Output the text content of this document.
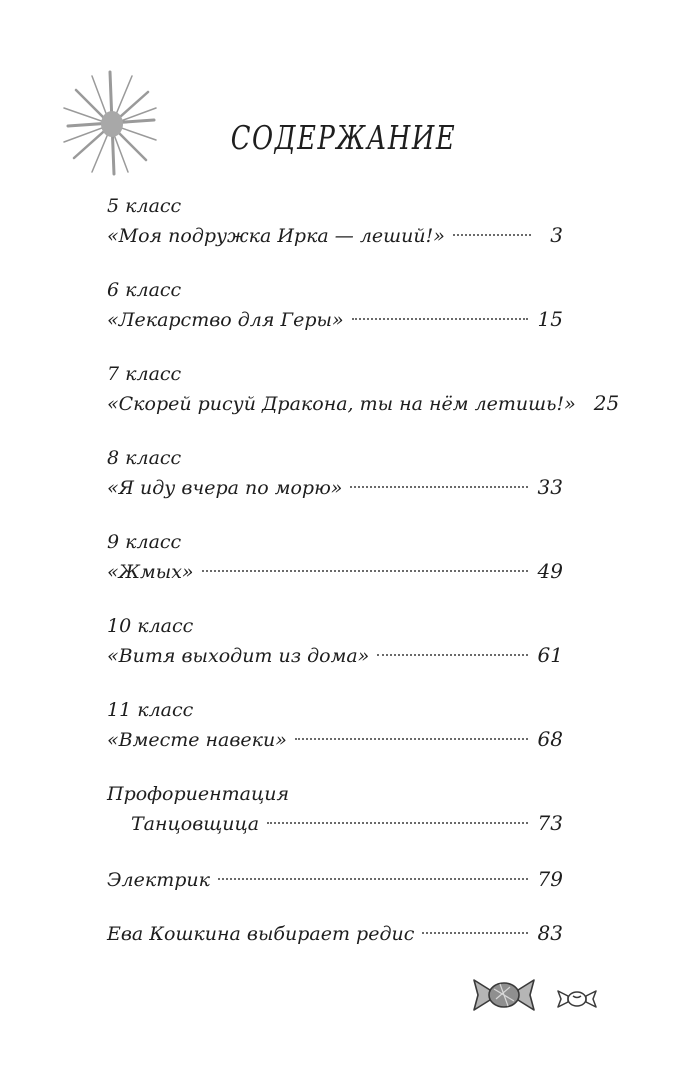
СОДЕРЖАНИЕ
5 класс
«Моя подружка Ирка — леший!»	3
6 класс
«Лекарство для Геры»	15
7 класс
«Скорей рисуй Дракона, ты на нём летишь!» 25
8 класс
«Я иду вчера по морю»	33
9 класс
«Жмых»	49
10 класс
«Витя выходит из дома»	61
11 класс
«Вместе навеки»	68
Профориентация
Танцовщица	73
Электрик	79
Ева Кошкина выбирает редис	83
